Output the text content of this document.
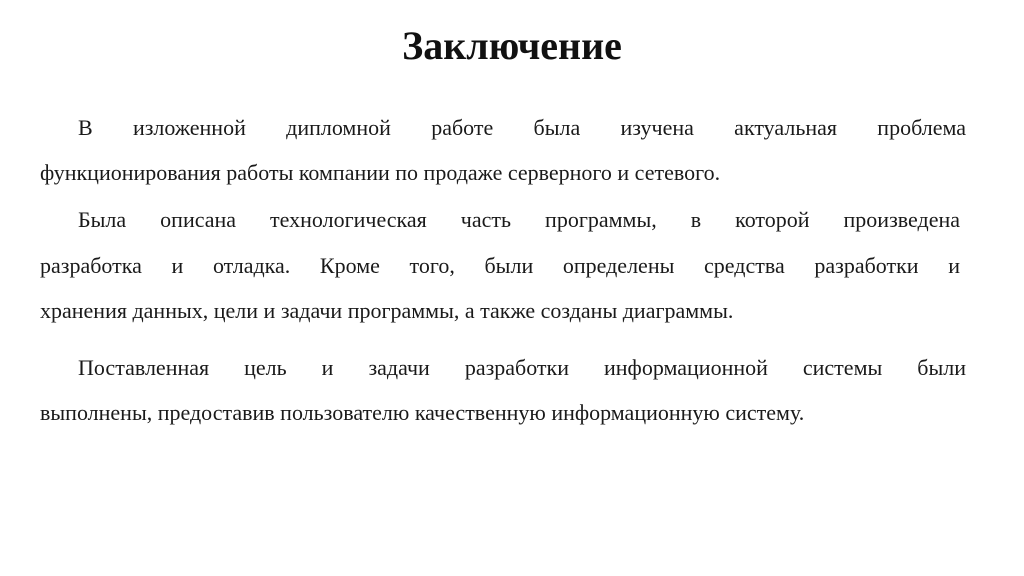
Заключение
В изложенной дипломной работе была изучена актуальная проблема
функционирования работы компании по продаже серверного и сетевого.
Была описана технологическая часть программы, в которой произведена
разработка и отладка. Кроме того, были определены средства разработки и
хранения данных, цели и задачи программы, а также созданы диаграммы.
Поставленная цель и задачи разработки информационной системы были
выполнены, предоставив пользователю качественную информационную систему.
